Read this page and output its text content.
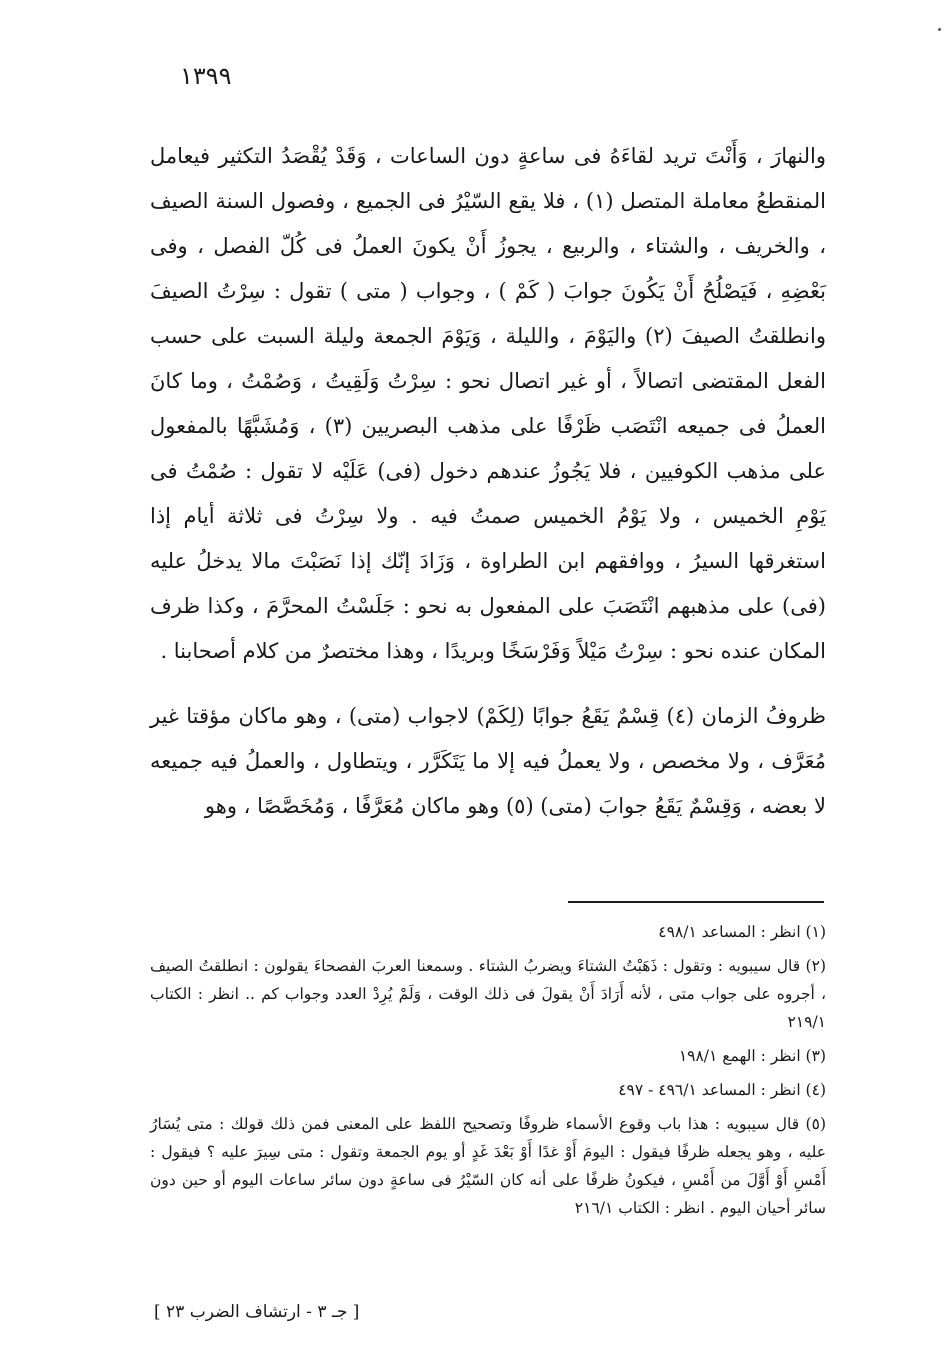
١٣٩٩

والنهارَ ، وَأَنْتَ تريد لقاءَهُ فى ساعةٍ دون الساعات ، وَقَدْ يُقْصَدُ التكثير فيعامل المنقطعُ معاملة المتصل (١) ، فلا يقع السّيْرُ فى الجميع ، وفصول السنة الصيف ، والخريف ، والشتاء ، والربيع ، يجوزُ أَنْ يكونَ العملُ فى كُلّ الفصل ، وفى بَعْضِهِ ، فَيَصْلُحُ أَنْ يَكُونَ جوابَ ( كَمْ ) ، وجواب ( متى ) تقول : سِرْتُ الصيفَ وانطلقتُ الصيفَ (٢) واليَوْمَ ، والليلة ، وَيَوْمَ الجمعة وليلة السبت على حسب الفعل المقتضى اتصالاً ، أو غير اتصال نحو : سِرْتُ وَلَقِيتُ ، وَصُمْتُ ، وما كانَ العملُ فى جميعه انْتَصَب ظَرْفًا على مذهب البصريين (٣) ، وَمُشَبَّهًا بالمفعول على مذهب الكوفيين ، فلا يَجُوزُ عندهم دخول (فى) عَلَيْه لا تقول : صُمْتُ فى يَوْمِ الخميس ، ولا يَوْمُ الخميس صمتُ فيه . ولا سِرْتُ فى ثلاثة أيام إذا استغرقها السيرُ ، ووافقهم ابن الطراوة ، وَزَادَ إنّك إذا نَصَبْتَ مالا يدخلُ عليه (فى) على مذهبهم انْتَصَبَ على المفعول به نحو : جَلَسْتُ المحرَّمَ ، وكذا ظرف المكان عنده نحو : سِرْتُ مَيْلاً وَفَرْسَخًا وبريدًا ، وهذا مختصرٌ من كلام أصحابنا .

ظروفُ الزمان (٤) قِسْمٌ يَقَعُ جوابًا (لِكَمْ) لاجواب (متى) ، وهو ماكان مؤقتا غير مُعَرَّف ، ولا مخصص ، ولا يعملُ فيه إلا ما يَتَكَرَّر ، ويتطاول ، والعملُ فيه جميعه لا بعضه ، وَقِسْمٌ يَقَعُ جوابَ (متى) (٥) وهو ماكان مُعَرَّفًا ، وَمُخَصَّصًا ، وهو

(١) انظر : المساعد ٤٩٨/١

(٢) قال سيبويه : وتقول : ذَهَبْتُ الشتاءَ ويضربُ الشتاء . وسمعنا العربَ الفصحاءَ يقولون : انطلقتُ الصيف ، أجروه على جواب متى ، لأنه أَرَادَ أَنْ يقولَ فى ذلك الوقت ، وَلَمْ يُرِدْ العدد وجواب كم .. انظر : الكتاب ٢١٩/١

(٣) انظر : الهمع ١٩٨/١

(٤) انظر : المساعد ٤٩٦/١ - ٤٩٧

(٥) قال سيبويه : هذا باب وقوع الأسماء ظروفًا وتصحيح اللفظ على المعنى فمن ذلك قولك : متى يُسَارُ عليه ، وهو يجعله ظرفًا فيقول : اليومَ أَوْ غدًا أَوْ بَعْدَ غَدٍ أو يوم الجمعة وتقول : متى سِيرَ عليه ؟ فيقول : أَمْسِ أَوْ أَوَّلَ من أَمْسِ ، فيكونُ ظرفًا على أنه كان السّيْرُ فى ساعةٍ دون سائر ساعات اليوم أو حين دون سائر أحيان اليوم . انظر : الكتاب ٢١٦/١

[ جـ ٣ - ارتشاف الضرب ٢٣ ]
